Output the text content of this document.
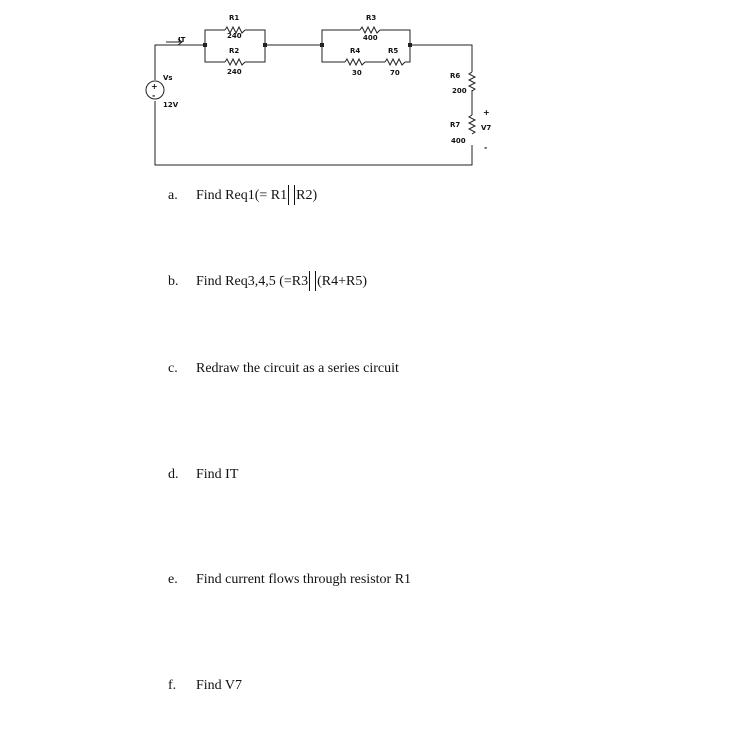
+
-
Vs
12V
IT
R1
240
R2
240
R3
400
R4
30
R5
70	R6
200
R7
400
+
V7
-
a. Find Req1(= R1 R2)
b. Find Req3,4,5 (=R3 (R4+R5)
c. Redraw the circuit as a series circuit
d. Find IT
e. Find current flows through resistor R1
f. Find V7
